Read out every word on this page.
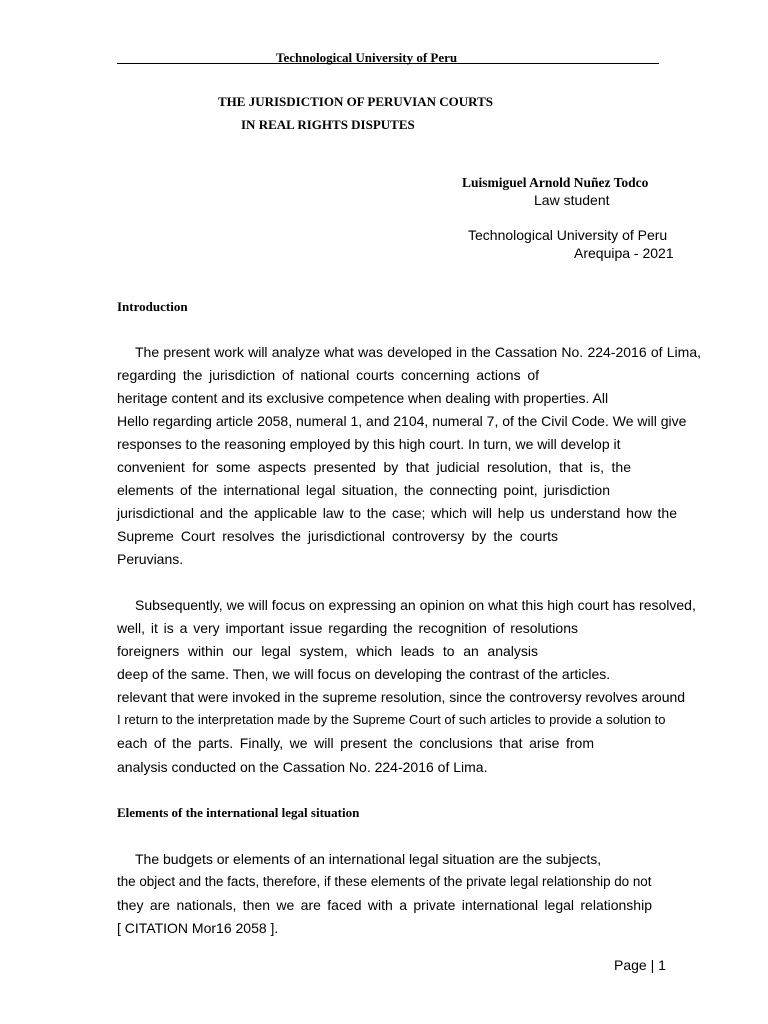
Technological University of Peru
THE JURISDICTION OF PERUVIAN COURTS
IN REAL RIGHTS DISPUTES
Luismiguel Arnold Nuñez Todco
Law student
Technological University of Peru
Arequipa - 2021
Introduction
The present work will analyze what was developed in the Cassation No. 224-2016 of Lima,
regarding the jurisdiction of national courts concerning actions of
heritage content and its exclusive competence when dealing with properties. All
Hello regarding article 2058, numeral 1, and 2104, numeral 7, of the Civil Code. We will give
responses to the reasoning employed by this high court. In turn, we will develop it
convenient for some aspects presented by that judicial resolution, that is, the
elements of the international legal situation, the connecting point, jurisdiction
jurisdictional and the applicable law to the case; which will help us understand how the
Supreme Court resolves the jurisdictional controversy by the courts
Peruvians.
Subsequently, we will focus on expressing an opinion on what this high court has resolved,
well, it is a very important issue regarding the recognition of resolutions
foreigners within our legal system, which leads to an analysis
deep of the same. Then, we will focus on developing the contrast of the articles.
relevant that were invoked in the supreme resolution, since the controversy revolves around
I return to the interpretation made by the Supreme Court of such articles to provide a solution to
each of the parts. Finally, we will present the conclusions that arise from
analysis conducted on the Cassation No. 224-2016 of Lima.
Elements of the international legal situation
The budgets or elements of an international legal situation are the subjects,
the object and the facts, therefore, if these elements of the private legal relationship do not
they are nationals, then we are faced with a private international legal relationship
[ CITATION Mor16 2058 ].
Page | 1
